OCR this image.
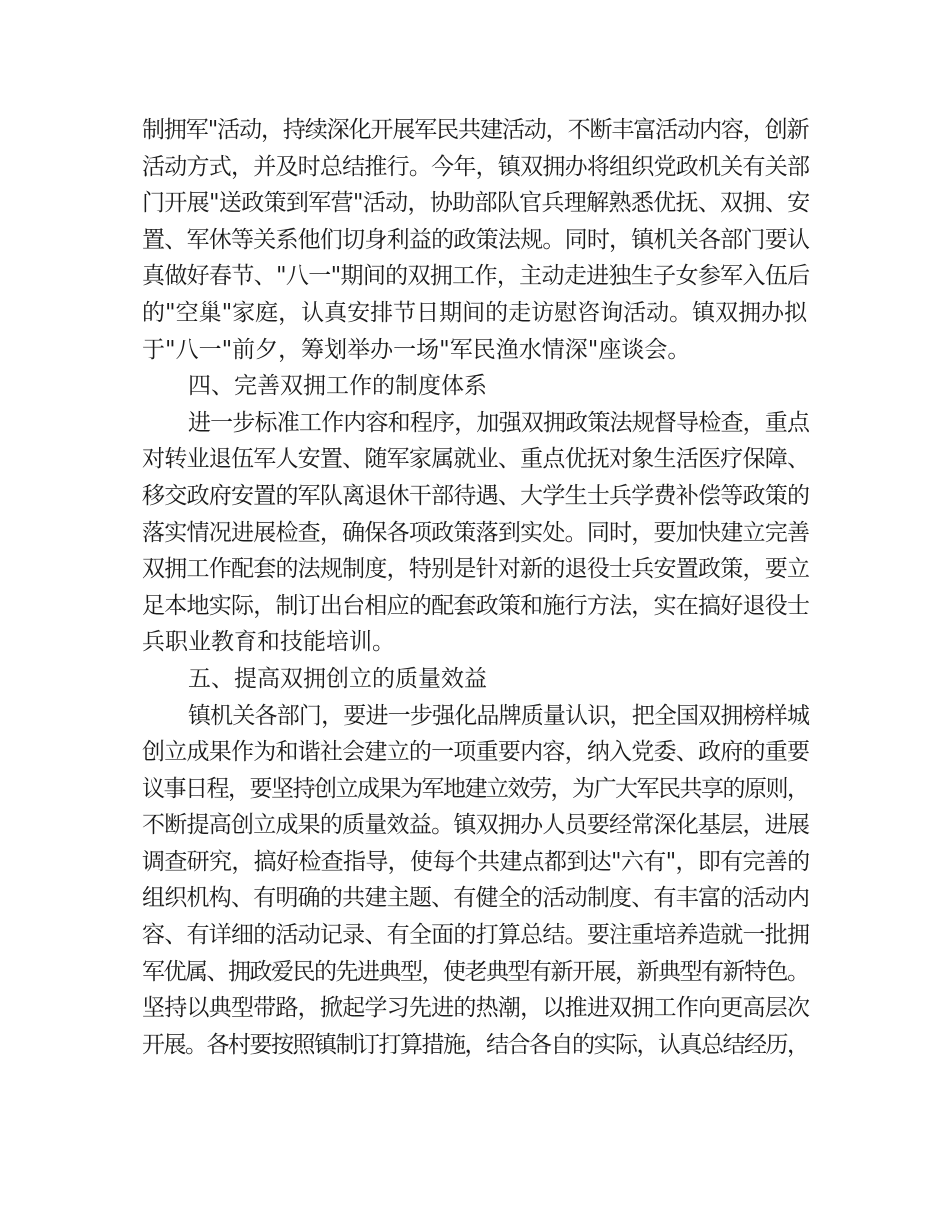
制拥军"活动，持续深化开展军民共建活动，不断丰富活动内容，创新
活动方式，并及时总结推行。今年，镇双拥办将组织党政机关有关部
门开展"送政策到军营"活动，协助部队官兵理解熟悉优抚、双拥、安
置、军休等关系他们切身利益的政策法规。同时，镇机关各部门要认
真做好春节、"八一"期间的双拥工作，主动走进独生子女参军入伍后
的"空巢"家庭，认真安排节日期间的走访慰咨询活动。镇双拥办拟
于"八一"前夕，筹划举办一场"军民渔水情深"座谈会。
四、完善双拥工作的制度体系
进一步标准工作内容和程序，加强双拥政策法规督导检查，重点
对转业退伍军人安置、随军家属就业、重点优抚对象生活医疗保障、
移交政府安置的军队离退休干部待遇、大学生士兵学费补偿等政策的
落实情况进展检查，确保各项政策落到实处。同时，要加快建立完善
双拥工作配套的法规制度，特别是针对新的退役士兵安置政策，要立
足本地实际，制订出台相应的配套政策和施行方法，实在搞好退役士
兵职业教育和技能培训。
五、提高双拥创立的质量效益
镇机关各部门，要进一步强化品牌质量认识，把全国双拥榜样城
创立成果作为和谐社会建立的一项重要内容，纳入党委、政府的重要
议事日程，要坚持创立成果为军地建立效劳，为广大军民共享的原则，
不断提高创立成果的质量效益。镇双拥办人员要经常深化基层，进展
调查研究，搞好检查指导，使每个共建点都到达"六有"，即有完善的
组织机构、有明确的共建主题、有健全的活动制度、有丰富的活动内
容、有详细的活动记录、有全面的打算总结。要注重培养造就一批拥
军优属、拥政爱民的先进典型，使老典型有新开展，新典型有新特色。
坚持以典型带路，掀起学习先进的热潮，以推进双拥工作向更高层次
开展。各村要按照镇制订打算措施，结合各自的实际，认真总结经历，
